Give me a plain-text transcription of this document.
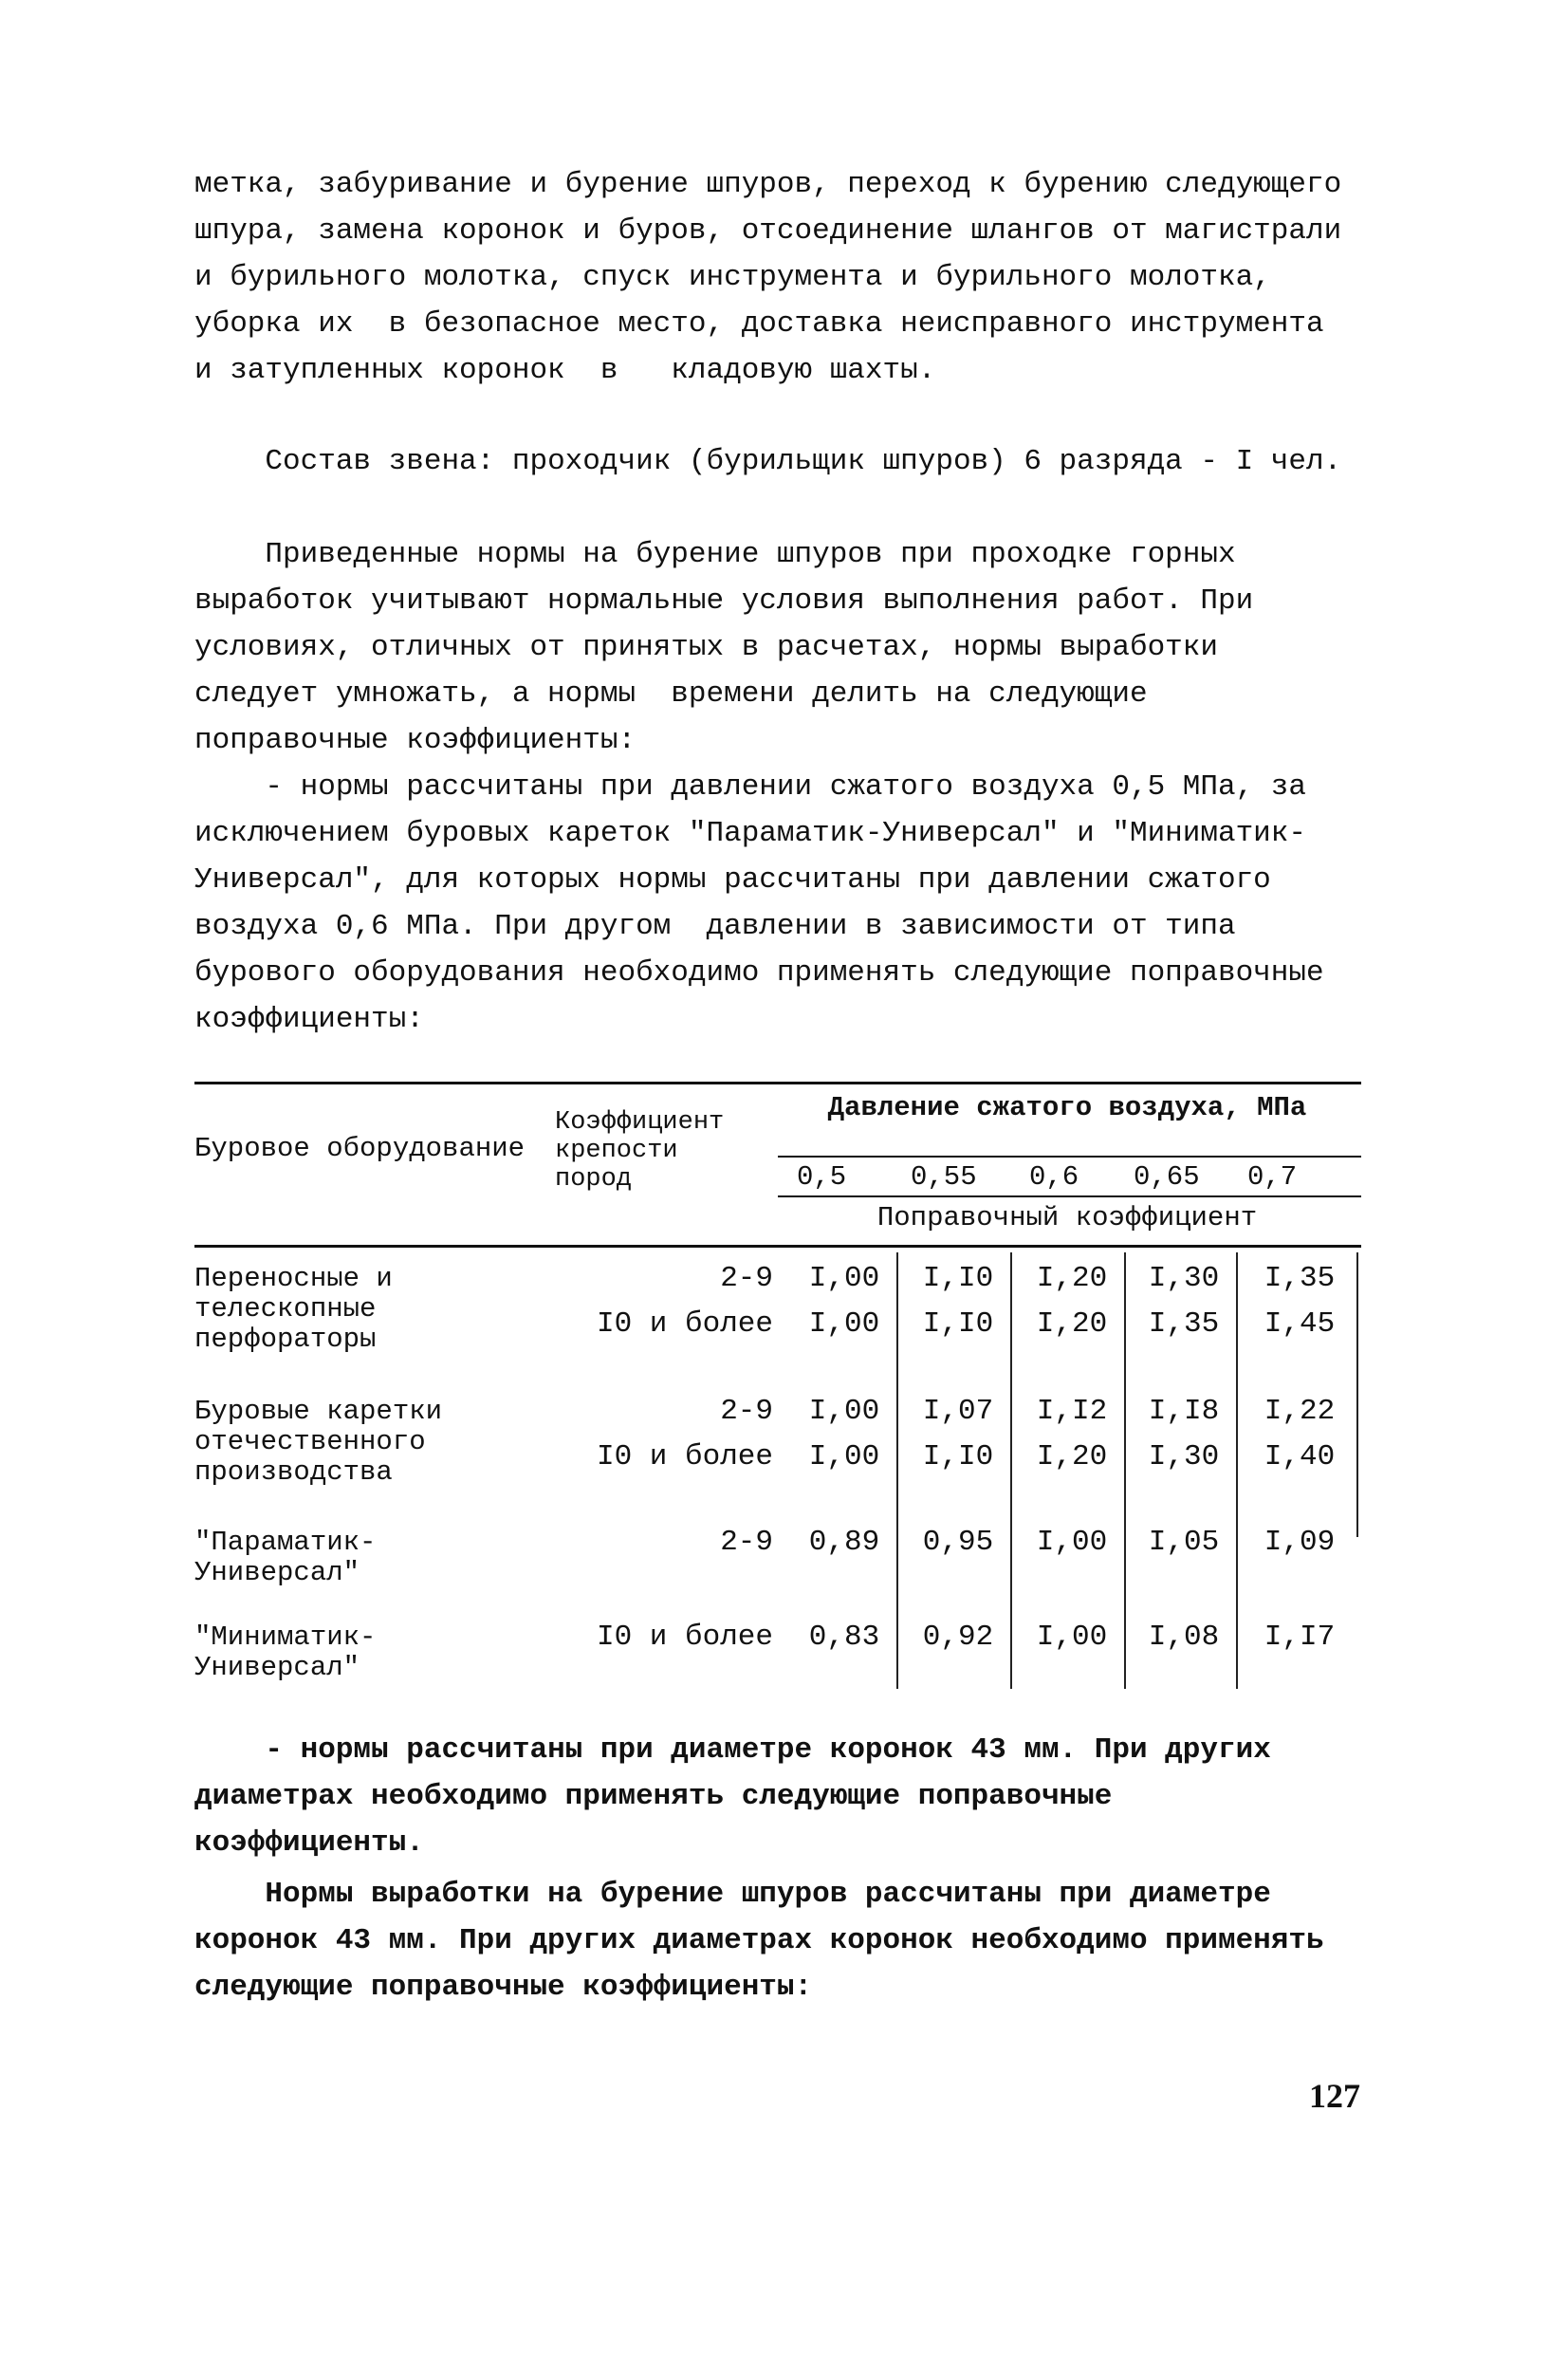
метка, забуривание и бурение шпуров, переход к бурению следующего шпура, замена коронок и буров, отсоединение шлангов от магистрали и бурильного молотка, спуск инструмента и бурильного молотка, уборка их  в безопасное место, доставка неисправного инструмента и затупленных коронок  в   кладовую шахты.

Состав звена: проходчик (бурильщик шпуров) 6 разряда - I чел.

Приведенные нормы на бурение шпуров при проходке горных выработок учитывают нормальные условия выполнения работ. При условиях, отличных от принятых в расчетах, нормы выработки следует умножать, а нормы  времени делить на следующие поправочные коэффициенты:

- нормы рассчитаны при давлении сжатого воздуха 0,5 МПа, за исключением буровых кареток "Параматик-Универсал" и "Миниматик-Универсал", для которых нормы рассчитаны при давлении сжатого воздуха 0,6 МПа. При другом  давлении в зависимости от типа бурового оборудования необходимо применять следующие поправочные коэффициенты:

Буровое оборудование
Коэффициент крепости пород
Давление сжатого воздуха, МПа
0,5 0,55 0,6 0,65 0,7
Поправочный коэффициент
Переносные и телескопные перфораторы
2-9	I,00	I,I0	I,20	I,30	I,35
I0 и более	I,00	I,I0	I,20	I,35	I,45
Буровые каретки отечественного производства
2-9	I,00	I,07	I,I2	I,I8	I,22
I0 и более	I,00	I,I0	I,20	I,30	I,40
"Параматик-Универсал"
2-9	0,89	0,95	I,00	I,05	I,09
"Миниматик-Универсал"
I0 и более	0,83	0,92	I,00	I,08	I,I7

- нормы рассчитаны при диаметре коронок 43 мм. При других диаметрах необходимо применять следующие поправочные коэффициенты.

Нормы выработки на бурение шпуров рассчитаны при диаметре коронок 43 мм. При других диаметрах коронок необходимо применять следующие поправочные коэффициенты:

127
